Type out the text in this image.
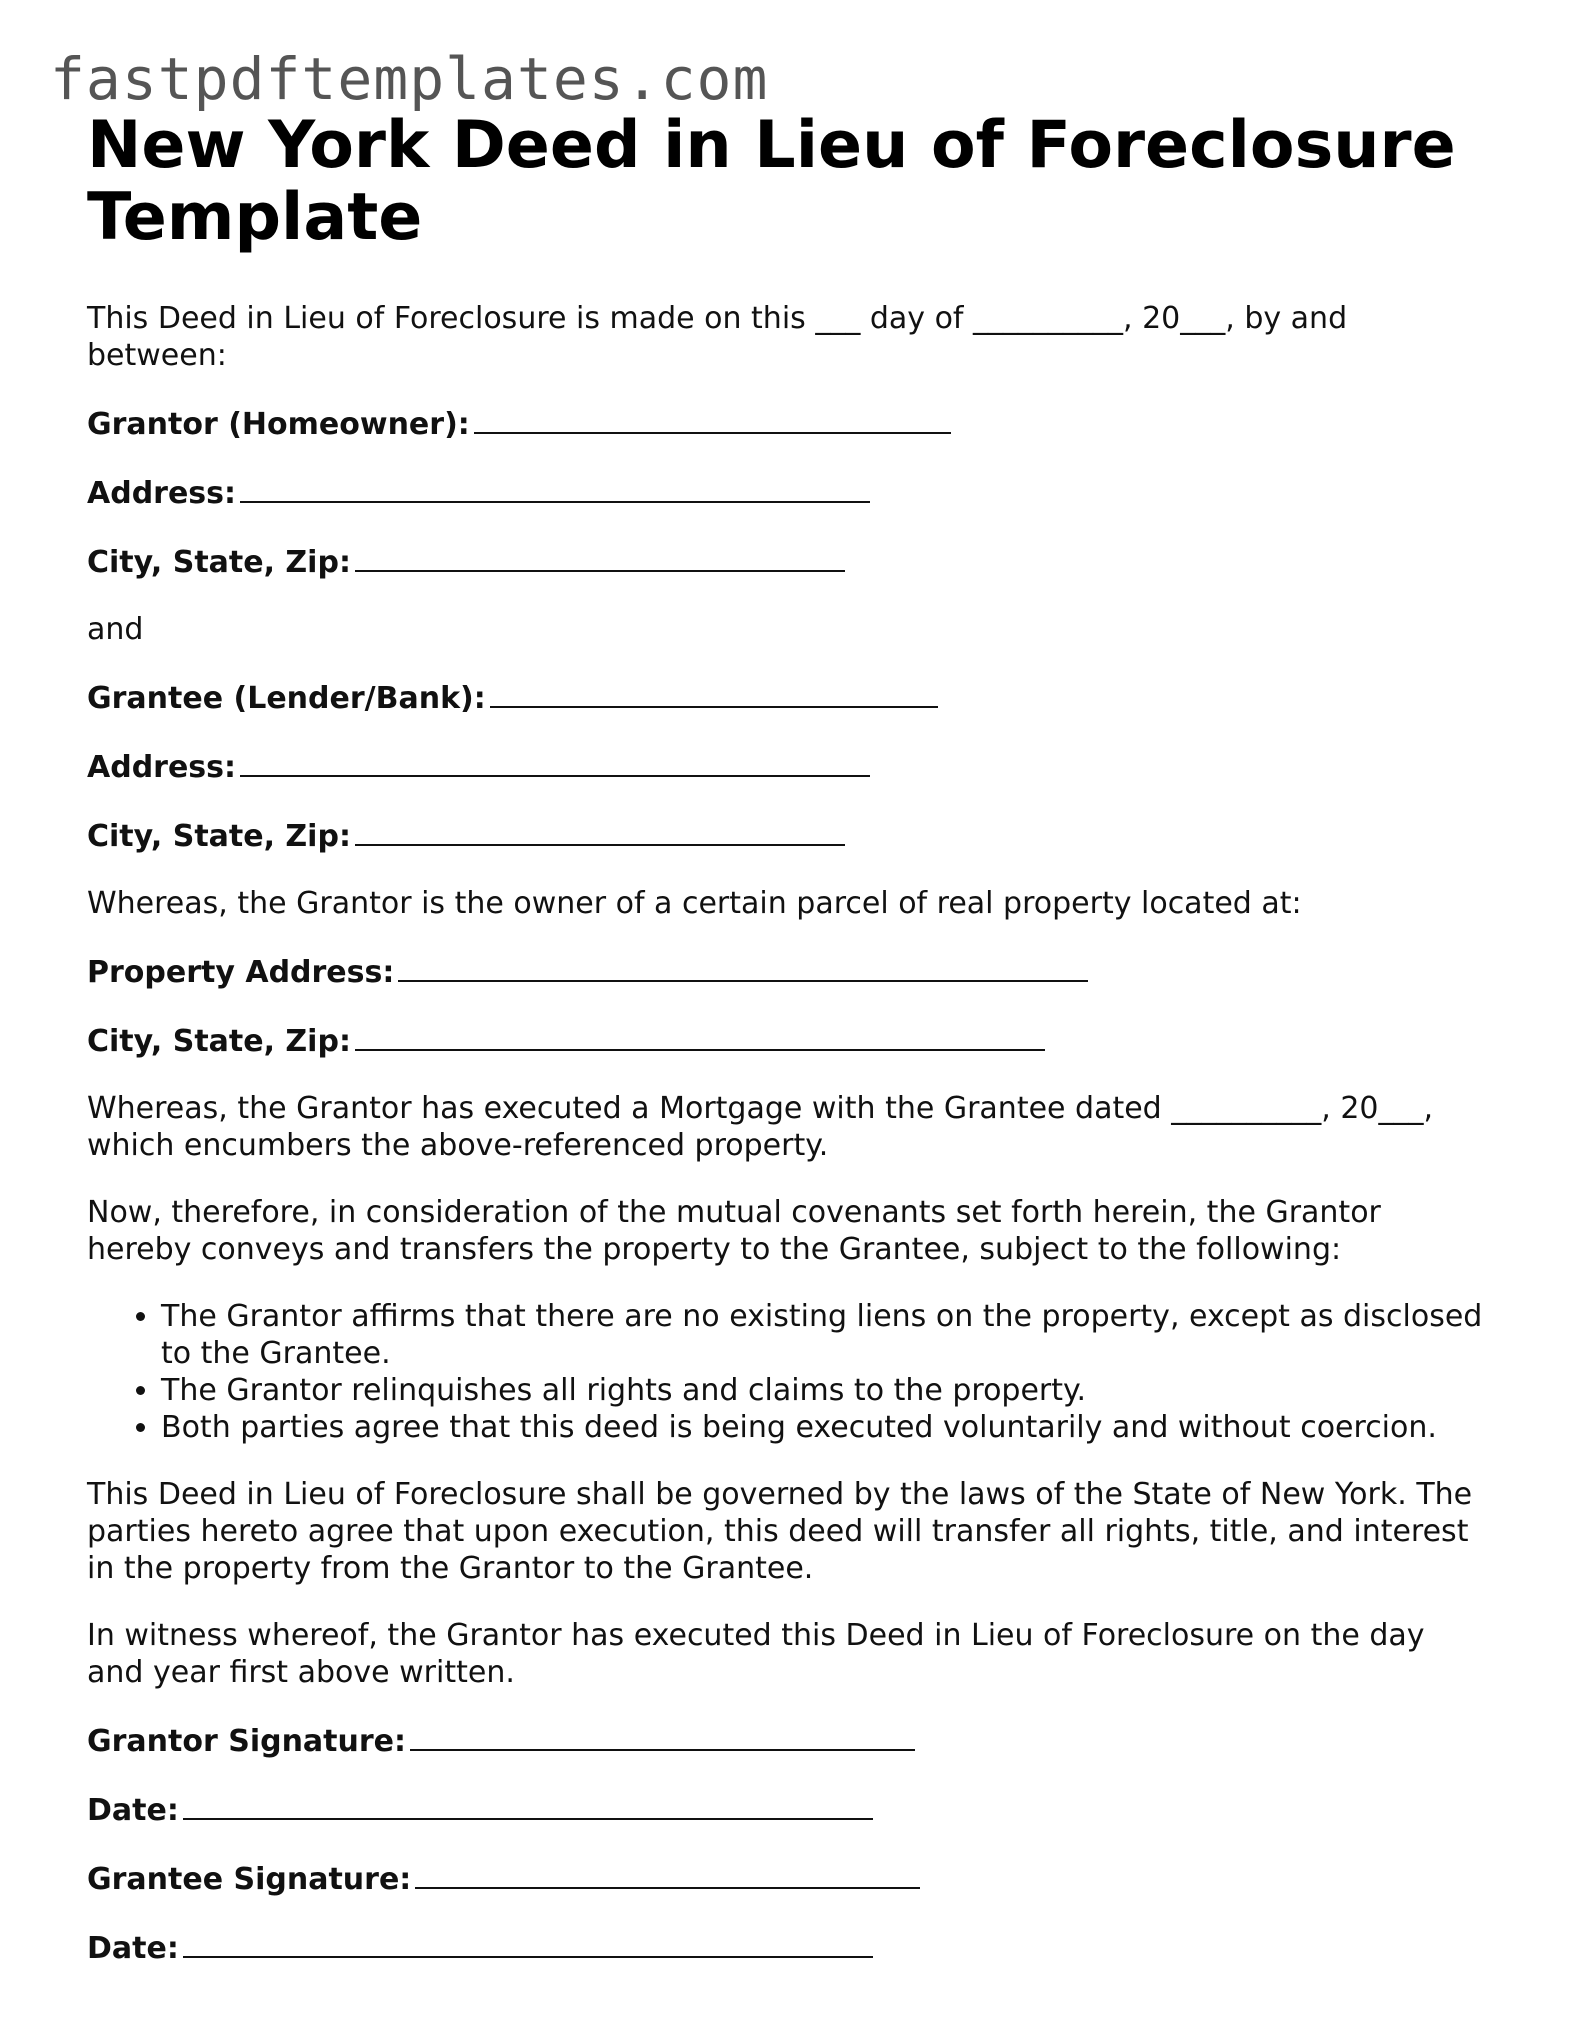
fastpdftemplates.com
New York Deed in Lieu of Foreclosure Template

This Deed in Lieu of Foreclosure is made on this ___ day of __________, 20___, by and between:

Grantor (Homeowner):
Address:
City, State, Zip:

and

Grantee (Lender/Bank):
Address:
City, State, Zip:

Whereas, the Grantor is the owner of a certain parcel of real property located at:

Property Address:
City, State, Zip:

Whereas, the Grantor has executed a Mortgage with the Grantee dated __________, 20___, which encumbers the above-referenced property.

Now, therefore, in consideration of the mutual covenants set forth herein, the Grantor hereby conveys and transfers the property to the Grantee, subject to the following:

• The Grantor affirms that there are no existing liens on the property, except as disclosed to the Grantee.
• The Grantor relinquishes all rights and claims to the property.
• Both parties agree that this deed is being executed voluntarily and without coercion.

This Deed in Lieu of Foreclosure shall be governed by the laws of the State of New York. The parties hereto agree that upon execution, this deed will transfer all rights, title, and interest in the property from the Grantor to the Grantee.

In witness whereof, the Grantor has executed this Deed in Lieu of Foreclosure on the day and year first above written.

Grantor Signature:
Date:
Grantee Signature:
Date:
